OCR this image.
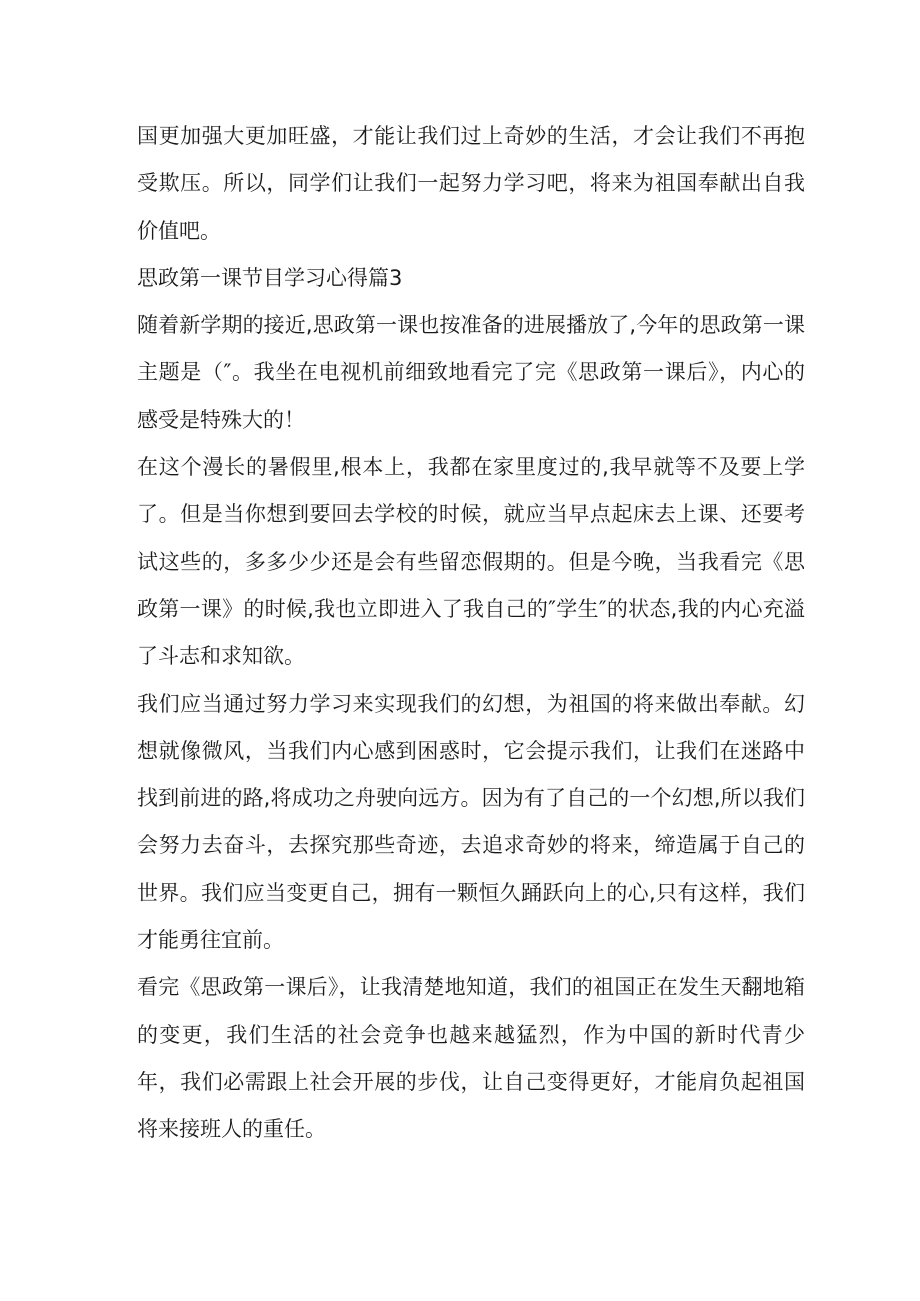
国更加强大更加旺盛，才能让我们过上奇妙的生活，才会让我们不再抱受欺压。所以，同学们让我们一起努力学习吧，将来为祖国奉献出自我价值吧。

思政第一课节目学习心得篇3

随着新学期的接近,思政第一课也按准备的进展播放了,今年的思政第一课主题是（″。我坐在电视机前细致地看完了完《思政第一课后》，内心的感受是特殊大的！

在这个漫长的暑假里,根本上，我都在家里度过的,我早就等不及要上学了。但是当你想到要回去学校的时候，就应当早点起床去上课、还要考试这些的，多多少少还是会有些留恋假期的。但是今晚，当我看完《思政第一课》的时候,我也立即进入了我自己的″学生″的状态,我的内心充溢了斗志和求知欲。

我们应当通过努力学习来实现我们的幻想，为祖国的将来做出奉献。幻想就像微风，当我们内心感到困惑时，它会提示我们，让我们在迷路中找到前进的路,将成功之舟驶向远方。因为有了自己的一个幻想,所以我们会努力去奋斗，去探究那些奇迹，去追求奇妙的将来，缔造属于自己的世界。我们应当变更自己，拥有一颗恒久踊跃向上的心,只有这样，我们才能勇往宜前。

看完《思政第一课后》，让我清楚地知道，我们的祖国正在发生天翻地箱的变更，我们生活的社会竞争也越来越猛烈，作为中国的新时代青少年，我们必需跟上社会开展的步伐，让自己变得更好，才能肩负起祖国将来接班人的重任。
